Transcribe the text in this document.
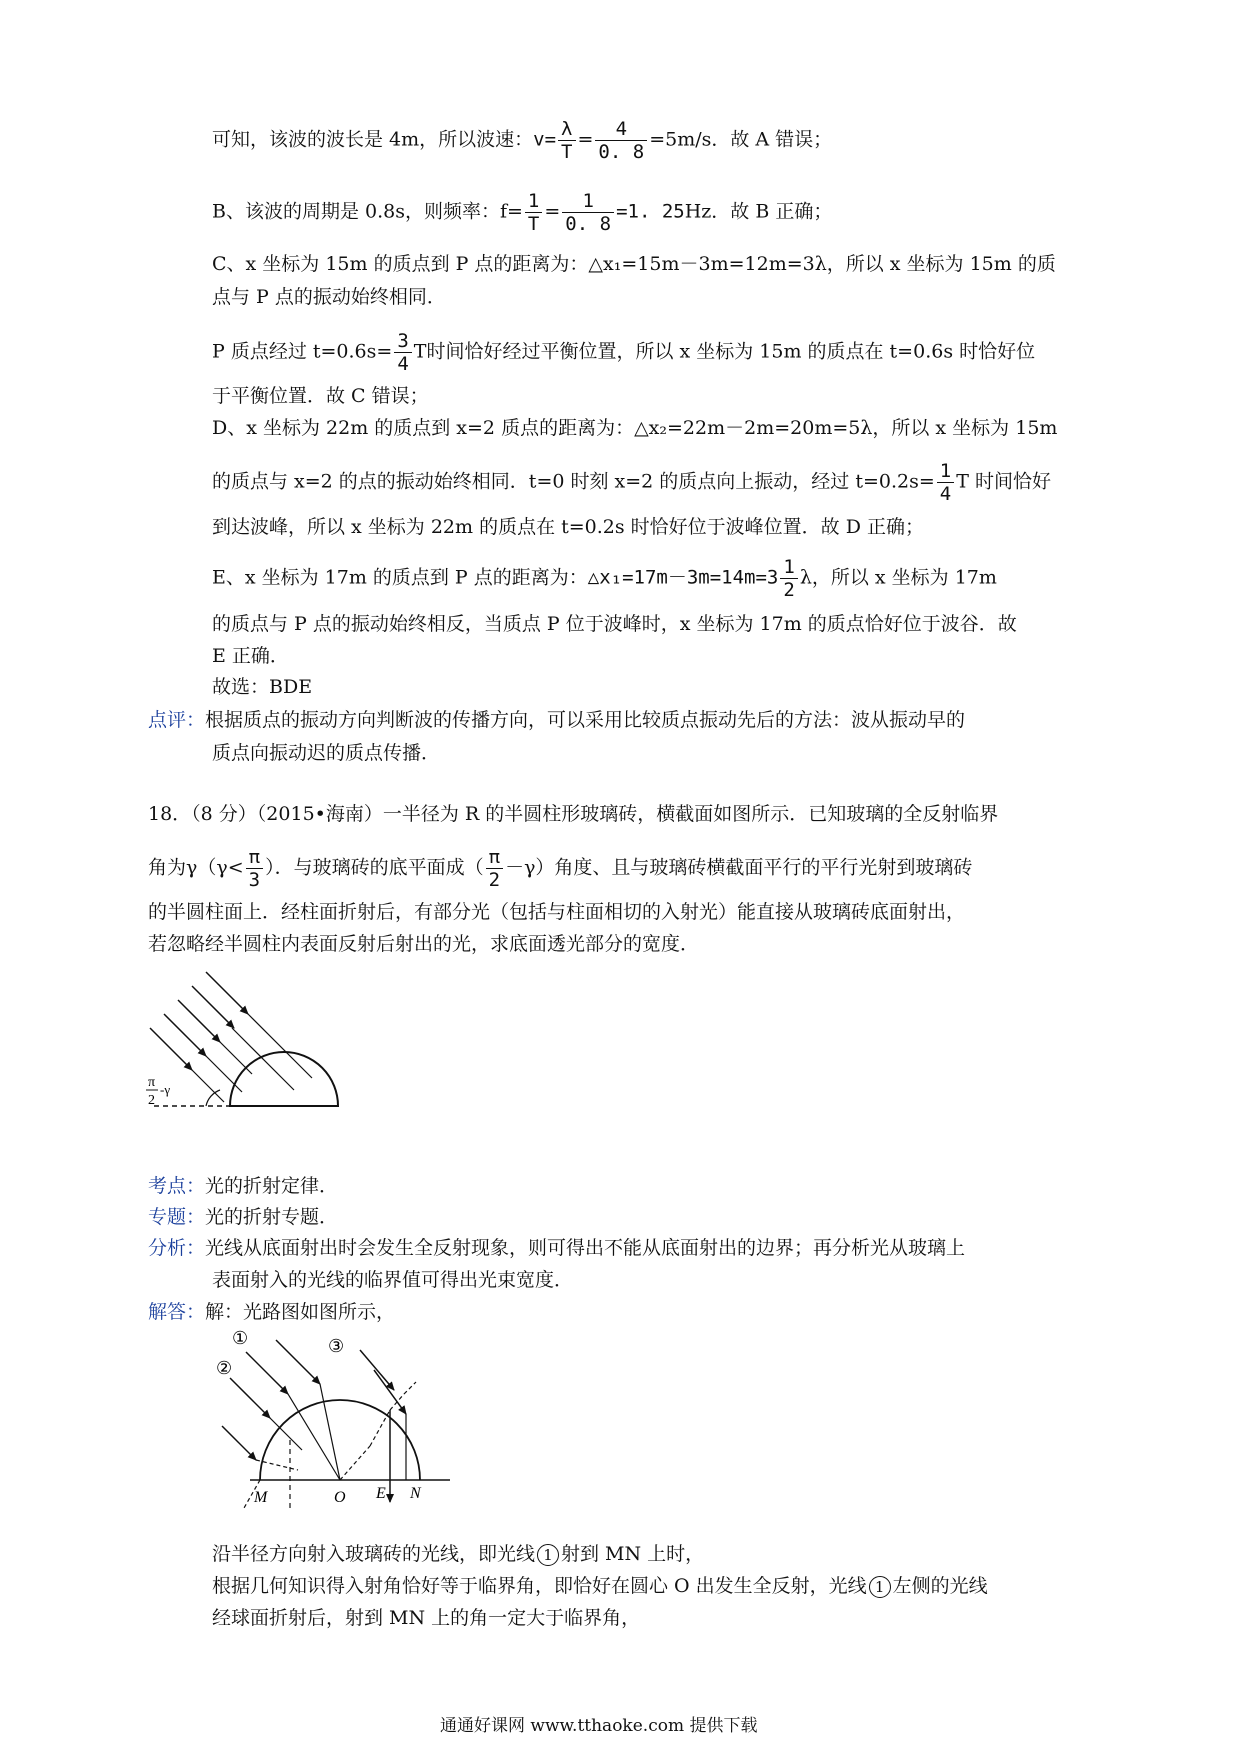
可知，该波的波长是 4m，所以波速：$v= \frac{\lambda}{T} = \frac{4}{0. 8} =5m/s$．故 A 错误；
B、该波的周期是 0.8s，则频率：$f= \frac{1}{T} = \frac{1}{0. 8} =1$. 25Hz．故 B 正确；
C、x 坐标为 15m 的质点到 P 点的距离为：△x₁=15m－3m=12m=3λ，所以 x 坐标为 15m 的质
点与 P 点的振动始终相同．
P 质点经过 $t=0.6s= \frac{3}{4}$ T时间恰好经过平衡位置，所以 x 坐标为 15m 的质点在 t=0.6s 时恰好位
于平衡位置．故 C 错误；
D、x 坐标为 22m 的质点到 x=2 质点的距离为：△x₂=22m－2m=20m=5λ，所以 x 坐标为 15m
的质点与 x=2 的点的振动始终相同．t=0 时刻 x=2 的质点向上振动，经过 $t=0.2s= \frac{1}{4}$ T 时间恰好
到达波峰，所以 x 坐标为 22m 的质点在 t=0.2s 时恰好位于波峰位置．故 D 正确；
E、x 坐标为 17m 的质点到 P 点的距离为：△x₁=17m－3m=14m=3 $\frac{1}{2}$ λ，所以 x 坐标为 17m
的质点与 P 点的振动始终相反，当质点 P 位于波峰时，x 坐标为 17m 的质点恰好位于波谷．故
E 正确．
故选：BDE
点评：根据质点的振动方向判断波的传播方向，可以采用比较质点振动先后的方法：波从振动早的
质点向振动迟的质点传播．
18．（8 分）（2015•海南）一半径为 R 的半圆柱形玻璃砖，横截面如图所示．已知玻璃的全反射临界
角为$\gamma(\gamma< \frac{\pi}{3}$ ）．与玻璃砖的底平面成（ $\frac{\pi}{2} -\gamma$）角度、且与玻璃砖横截面平行的平行光射到玻璃砖
的半圆柱面上．经柱面折射后，有部分光（包括与柱面相切的入射光）能直接从玻璃砖底面射出，
若忽略经半圆柱内表面反射后射出的光，求底面透光部分的宽度．
π -γ
2
考点：光的折射定律．
专题：光的折射专题．
分析：光线从底面射出时会发生全反射现象，则可得出不能从底面射出的边界；再分析光从玻璃上
表面射入的光线的临界值可得出光束宽度．
解答：解：光路图如图所示，
①
②
③
M	O E N
沿半径方向射入玻璃砖的光线，即光线 1 射到 MN 上时，
根据几何知识得入射角恰好等于临界角，即恰好在圆心 O 出发生全反射，光线 1 左侧的光线
经球面折射后，射到 MN 上的角一定大于临界角，
通通好课网 www.tthaoke.com 提供下载
